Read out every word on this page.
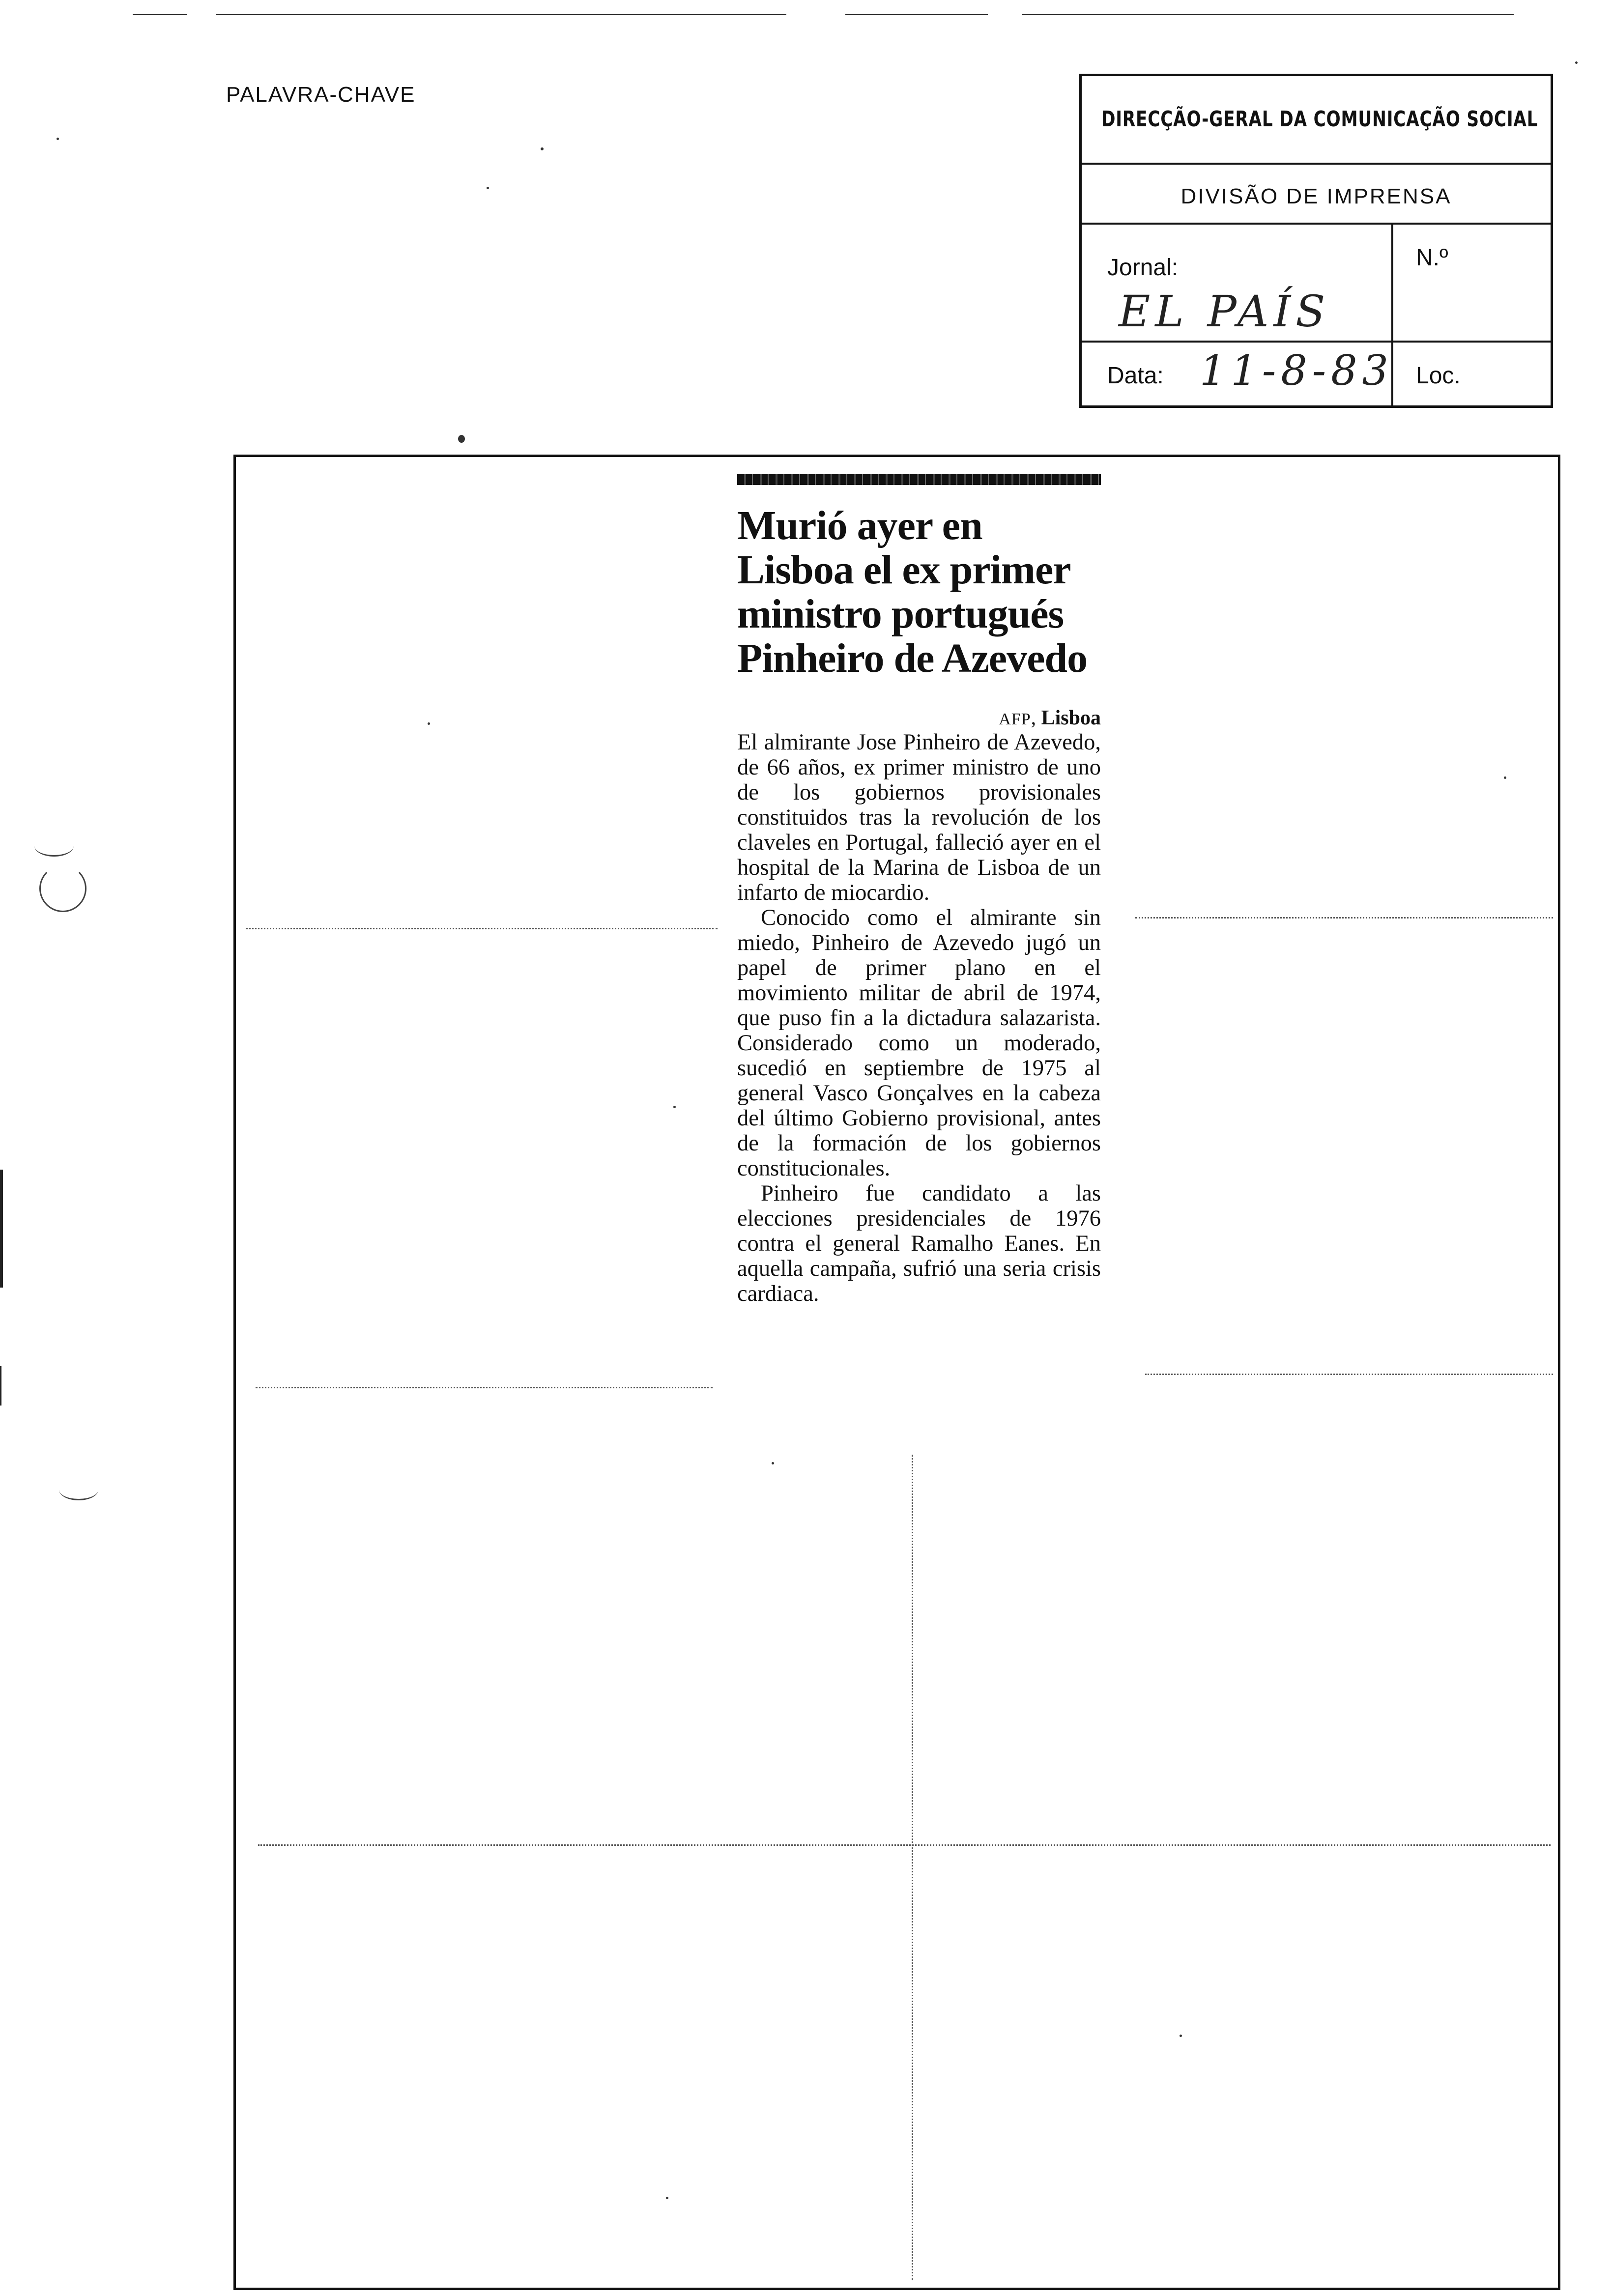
PALAVRA-CHAVE
DIRECÇÃO-GERAL DA COMUNICAÇÃO SOCIAL
DIVISÃO DE IMPRENSA
Jornal:
EL PAÍS
N.º
Data: 11-8-83 Loc.
Murió ayer en Lisboa el ex primer ministro portugués Pinheiro de Azevedo
AFP, Lisboa

El almirante Jose Pinheiro de Azevedo, de 66 años, ex primer ministro de uno de los gobiernos provisionales constituidos tras la revolución de los claveles en Portugal, falleció ayer en el hospital de la Marina de Lisboa de un infarto de miocardio.

Conocido como el almirante sin miedo, Pinheiro de Azevedo jugó un papel de primer plano en el movimiento militar de abril de 1974, que puso fin a la dictadura salazarista. Considerado como un moderado, sucedió en septiembre de 1975 al general Vasco Gonçalves en la cabeza del último Gobierno provisional, antes de la formación de los gobiernos constitucionales.

Pinheiro fue candidato a las elecciones presidenciales de 1976 contra el general Ramalho Eanes. En aquella campaña, sufrió una seria crisis cardiaca.
